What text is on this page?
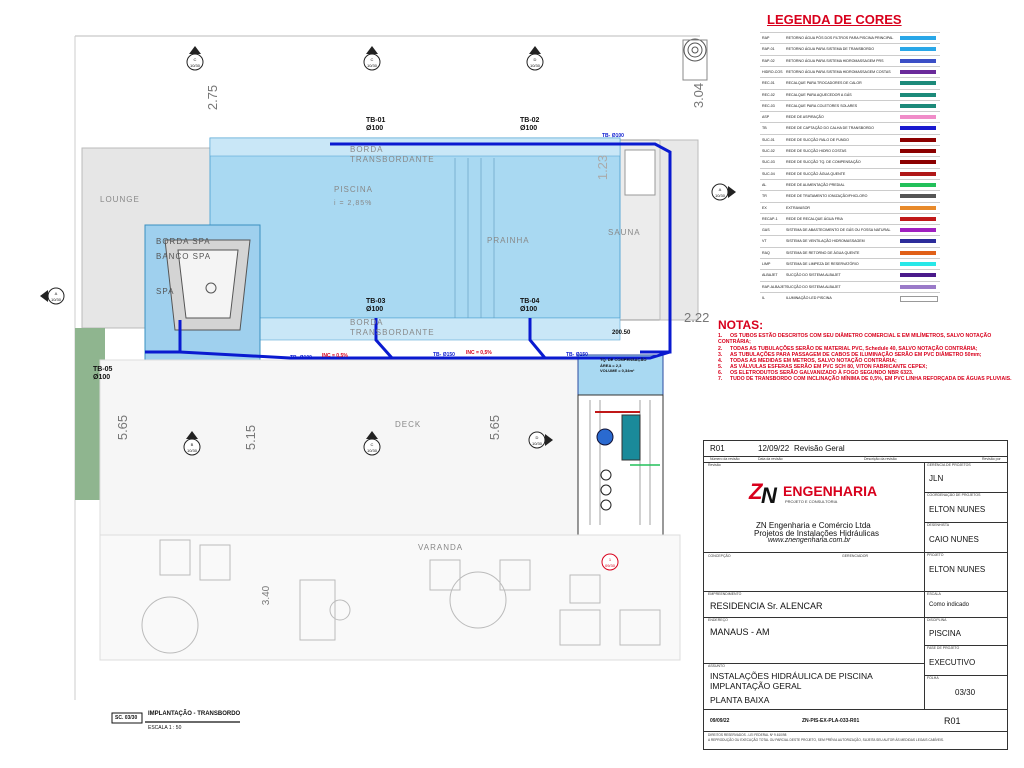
LOUNGE
PISCINA
i = 2,85%
BORDA
TRANSBORDANTE
BORDA
TRANSBORDANTE
BORDA SPA
BANCO SPA
SPA
PRAINHA
SAUNA
DECK
VARANDA
TB-01
Ø100
TB-02
Ø100
TB-03
Ø100
TB-04
Ø100
TB-05
Ø100
TB- Ø100
TB- Ø100 INC = 0,5%	TB- Ø150 INC = 0,5%	TB- Ø150
200.50
TQ. DE COMPENSAÇÃO
ÁREA = 2,3
VOLUME = 0,34m³
2.75	3.04
1.23
2.22
5.65	5.15	5.65
3.40
C
10/30
C
10/30
D
10/30
A
10/30
A
10/30
B
10/30
C
10/30
D
10/30
1
09/30
SC. 03/30
IMPLANTAÇÃO - TRANSBORDO
ESCALA 1 : 50
LEGENDA DE CORES
RAP	RETORNO ÁGUA PÓS DOS FILTROS PARA PISCINA PRINCIPAL
RAP-01	RETORNO ÁGUA PARA SISTEMA DE TRANSBORDO
RAP-02	RETORNO ÁGUA PARA SISTEMA HIDROMASSAGEM PRS
HIDRO-COS RETORNO ÁGUA PARA SISTEMA HIDROMASSAGEM COSTAS
REC-01	RECALQUE PARA TROCADORES DE CALOR
REC-02	RECALQUE PARA AQUECEDOR A GÁS
REC-03	RECALQUE PARA COLETORES SOLARES
ASP	REDE DE ASPIRAÇÃO
TB	REDE DE CAPTAÇÃO DO CALHA DE TRANSBORDO
SUC-01	REDE DE SUCÇÃO RALO DE FUNDO
SUC-02	REDE DE SUCÇÃO HIDRO COSTAS
SUC-03	REDE DE SUCÇÃO TQ. DE COMPENSAÇÃO
SUC-04	REDE DE SUCÇÃO ÁGUA QUENTE
AL	REDE DE ALIMENTAÇÃO PREDIAL
TR	REDE DE TRATAMENTO IONIZAÇÃO/FHICLORO
EX	EXTRAVASOR
RECAP-1	REDE DE RECALQUE ÁGUA FRIA
GAS	SISTEMA DE ABASTECIMENTO DE GÁS OU FOSSA NATURAL
VT	SISTEMA DE VENTILAÇÃO HIDROMASSAGEM
RAQ	SISTEMA DE RETORNO DE ÁGUA QUENTE
LIMP	SISTEMA DE LIMPEZA DE RESERVATÓRIO
ALBAJET	SUCÇÃO DO SISTEMA ALBAJET
RAP-ALBAJET SUCÇÃO DO SISTEMA ALBAJET
IL	ILUMINAÇÃO LED PISCINA
NOTAS:
1. OS TUBOS ESTÃO DESCRITOS COM SEU DIÂMETRO COMERCIAL E EM MILÍMETROS, SALVO NOTAÇÃO CONTRÁRIA;
2. TODAS AS TUBULAÇÕES SERÃO DE MATERIAL PVC, Schedule 40, SALVO NOTAÇÃO CONTRÁRIA;
3. AS TUBULAÇÕES PARA PASSAGEM DE CABOS DE ILUMINAÇÃO SERÃO EM PVC DIÂMETRO 50mm;
4. TODAS AS MEDIDAS EM METROS, SALVO NOTAÇÃO CONTRÁRIA;
5. AS VÁLVULAS ESFERAS SERÃO EM PVC SCH 80, VITON FABRICANTE CEPEX;
6. OS ELETRODUTOS SERÃO GALVANIZADO À FOGO SEGUNDO NBR 6323.
7. TUDO DE TRANSBORDO COM INCLINAÇÃO MÍNIMA DE 0,5%, EM PVC LINHA REFORÇADA DE ÁGUAS PLUVIAIS.
R01	12/09/22 Revisão Geral
Número da revisão	Data da revisão	Descrição da revisão	Revisão por
Revisão
Z
N ENGENHARIA
PROJETO E CONSULTORIA
ZN Engenharia e Comércio Ltda
Projetos de Instalações Hidráulicas
www.znengenharia.com.br
GERÊNCIA DE PROJETOS
JLN
COORDENAÇÃO DE PROJETOS
ELTON NUNES
DESENHISTA
CAIO NUNES
PROJETO
ELTON NUNES
CONCEPÇÃO	GERENCIADOR
EMPREENDIMENTO
RESIDENCIA Sr. ALENCAR
ENDEREÇO
MANAUS - AM
ESCALA
Como indicado
DISCIPLINA
PISCINA
FASE DE PROJETO
EXECUTIVO
FOLHA
03/30
ASSUNTO
INSTALAÇÕES HIDRÁULICA DE PISCINA
IMPLANTAÇÃO GERAL
PLANTA BAIXA
09/09/22	ZN-PIS-EX-PLA-033-R01	R01
DIREITOS RESERVADOS - LEI FEDERAL Nº 9.610/98
A REPRODUÇÃO OU EXECUÇÃO TOTAL OU PARCIAL DESTE PROJETO, SEM PRÉVIA AUTORIZAÇÃO, SUJEITA SEU AUTOR ÀS MEDIDAS LEGAIS CABÍVEIS.
